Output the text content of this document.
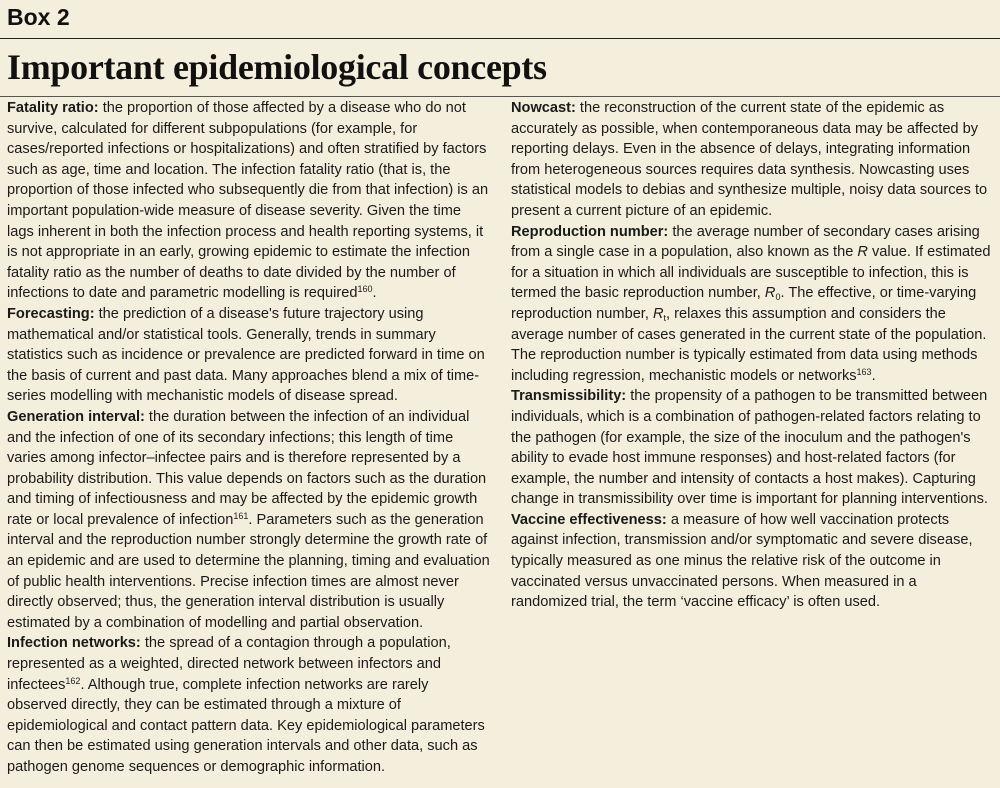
Box 2
Important epidemiological concepts

Fatality ratio: the proportion of those affected by a disease who do not survive, calculated for different subpopulations (for example, for cases/reported infections or hospitalizations) and often stratified by factors such as age, time and location. The infection fatality ratio (that is, the proportion of those infected who subsequently die from that infection) is an important population-wide measure of disease severity. Given the time lags inherent in both the infection process and health reporting systems, it is not appropriate in an early, growing epidemic to estimate the infection fatality ratio as the number of deaths to date divided by the number of infections to date and parametric modelling is required$^{160}$.

Forecasting: the prediction of a disease's future trajectory using mathematical and/or statistical tools. Generally, trends in summary statistics such as incidence or prevalence are predicted forward in time on the basis of current and past data. Many approaches blend a mix of time-series modelling with mechanistic models of disease spread.

Generation interval: the duration between the infection of an individual and the infection of one of its secondary infections; this length of time varies among infector–infectee pairs and is therefore represented by a probability distribution. This value depends on factors such as the duration and timing of infectiousness and may be affected by the epidemic growth rate or local prevalence of infection$^{161}$. Parameters such as the generation interval and the reproduction number strongly determine the growth rate of an epidemic and are used to determine the planning, timing and evaluation of public health interventions. Precise infection times are almost never directly observed; thus, the generation interval distribution is usually estimated by a combination of modelling and partial observation.

Infection networks: the spread of a contagion through a population, represented as a weighted, directed network between infectors and infectees$^{162}$. Although true, complete infection networks are rarely observed directly, they can be estimated through a mixture of epidemiological and contact pattern data. Key epidemiological parameters can then be estimated using generation intervals and other data, such as pathogen genome sequences or demographic information.

Nowcast: the reconstruction of the current state of the epidemic as accurately as possible, when contemporaneous data may be affected by reporting delays. Even in the absence of delays, integrating information from heterogeneous sources requires data synthesis. Nowcasting uses statistical models to debias and synthesize multiple, noisy data sources to present a current picture of an epidemic.

Reproduction number: the average number of secondary cases arising from a single case in a population, also known as the R value. If estimated for a situation in which all individuals are susceptible to infection, this is termed the basic reproduction number, $R_0$. The effective, or time-varying reproduction number, $R_t$, relaxes this assumption and considers the average number of cases generated in the current state of the population. The reproduction number is typically estimated from data using methods including regression, mechanistic models or networks$^{163}$.

Transmissibility: the propensity of a pathogen to be transmitted between individuals, which is a combination of pathogen-related factors relating to the pathogen (for example, the size of the inoculum and the pathogen's ability to evade host immune responses) and host-related factors (for example, the number and intensity of contacts a host makes). Capturing change in transmissibility over time is important for planning interventions.

Vaccine effectiveness: a measure of how well vaccination protects against infection, transmission and/or symptomatic and severe disease, typically measured as one minus the relative risk of the outcome in vaccinated versus unvaccinated persons. When measured in a randomized trial, the term ‘vaccine efficacy’ is often used.
